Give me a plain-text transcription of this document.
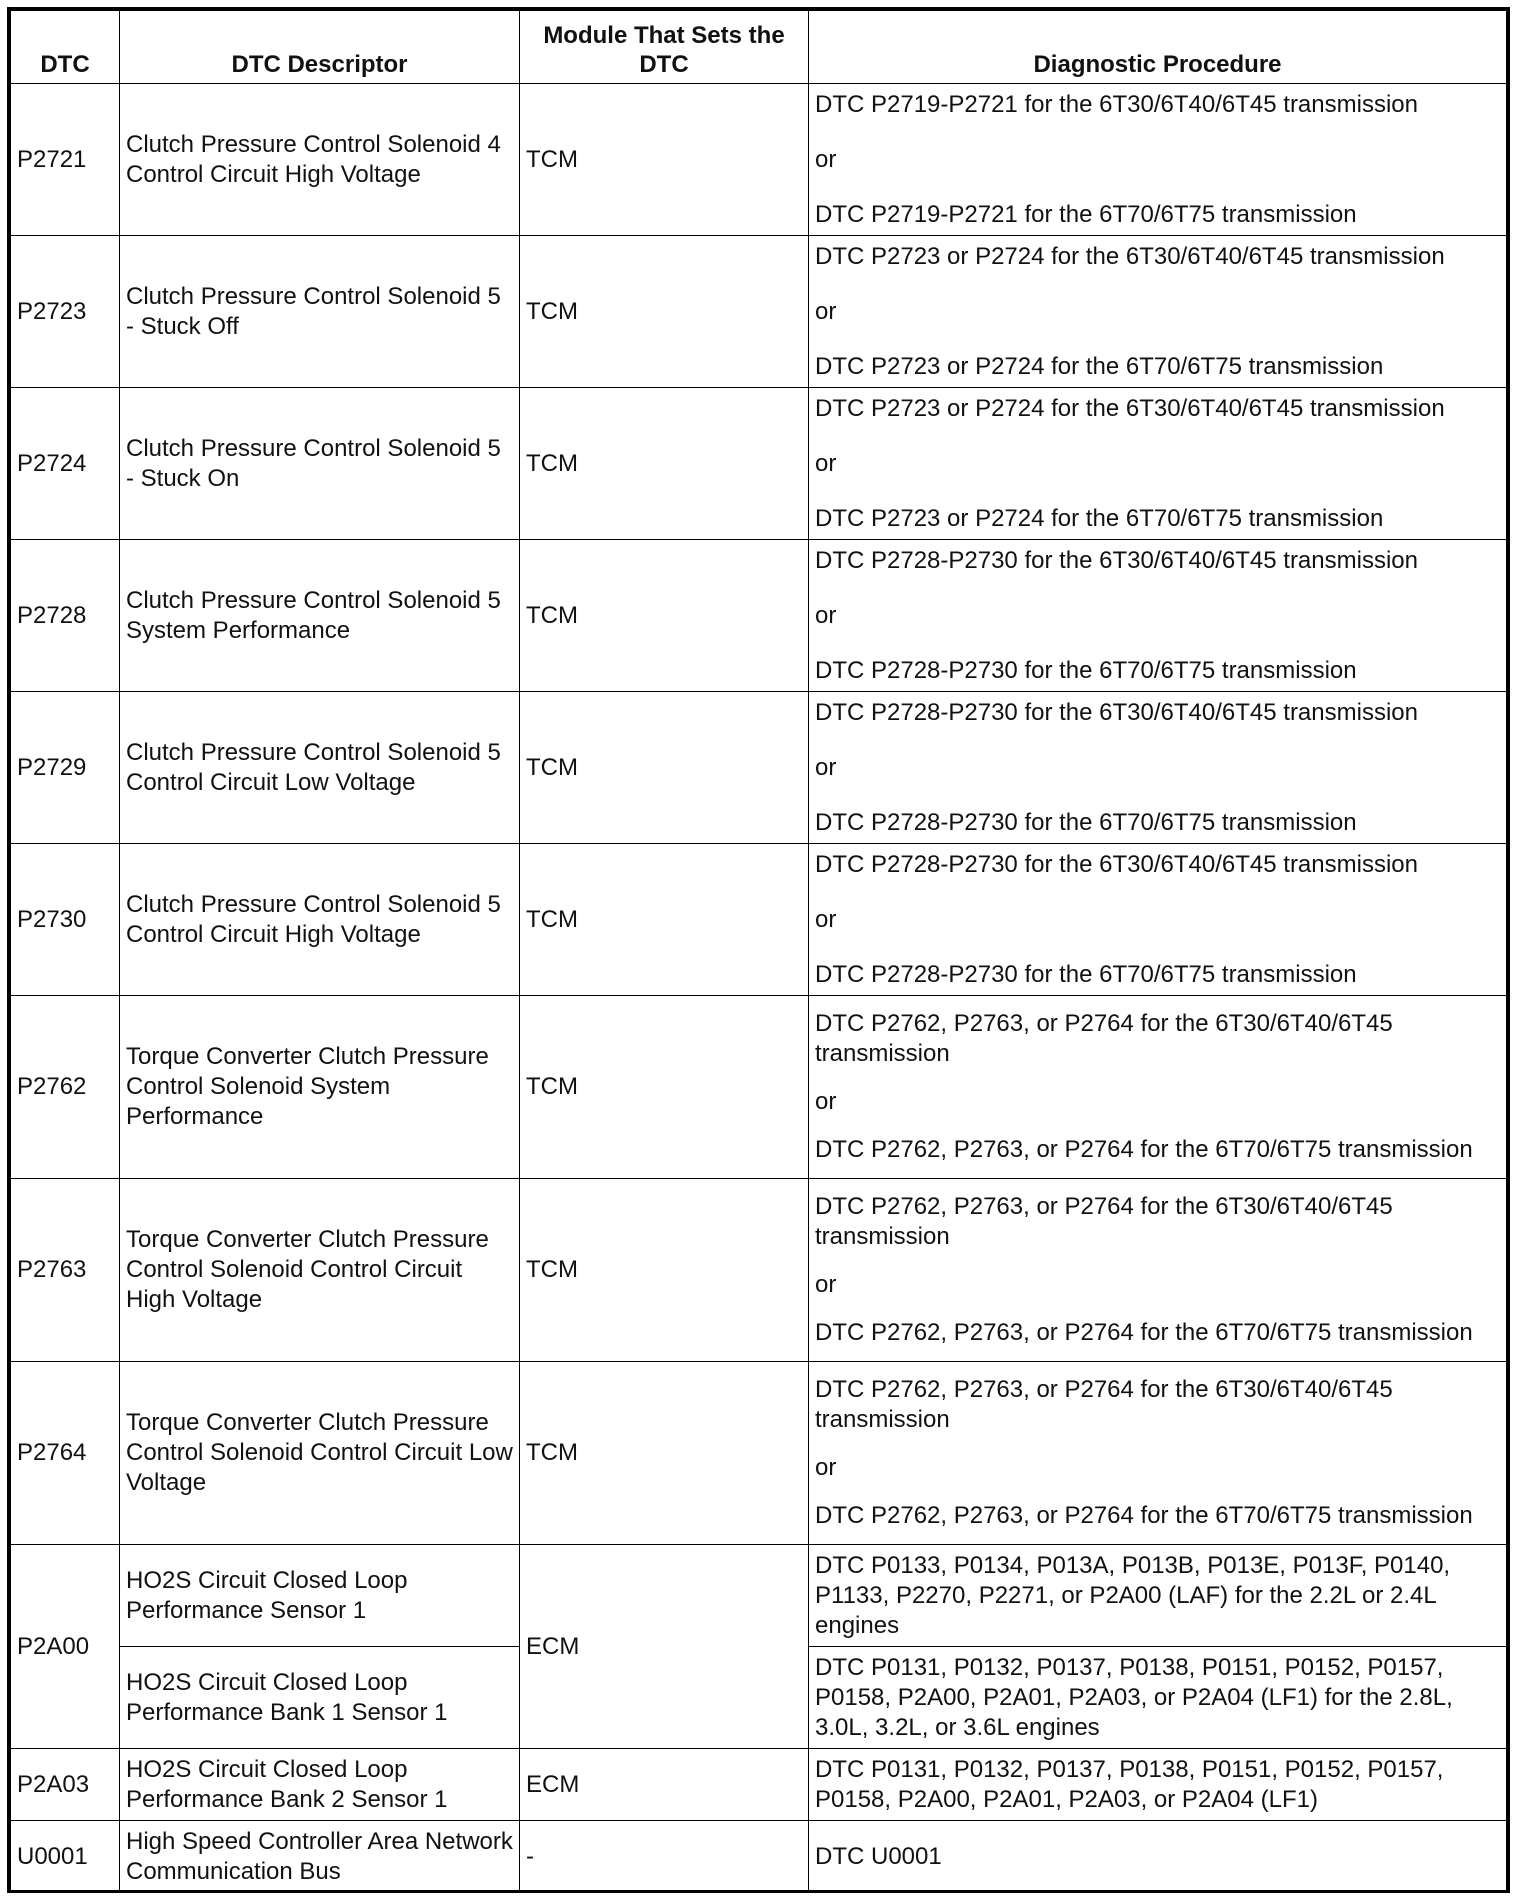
DTC	DTC Descriptor	Module That Sets the DTC	Diagnostic Procedure
P2721	Clutch Pressure Control Solenoid 4 Control Circuit High Voltage	TCM	DTC P2719-P2721 for the 6T30/6T40/6T45 transmission

or

DTC P2719-P2721 for the 6T70/6T75 transmission

P2723	Clutch Pressure Control Solenoid 5 - Stuck Off	TCM	DTC P2723 or P2724 for the 6T30/6T40/6T45 transmission

or

DTC P2723 or P2724 for the 6T70/6T75 transmission

P2724	Clutch Pressure Control Solenoid 5 - Stuck On	TCM	DTC P2723 or P2724 for the 6T30/6T40/6T45 transmission

or

DTC P2723 or P2724 for the 6T70/6T75 transmission

P2728	Clutch Pressure Control Solenoid 5 System Performance	TCM	DTC P2728-P2730 for the 6T30/6T40/6T45 transmission

or

DTC P2728-P2730 for the 6T70/6T75 transmission

P2729	Clutch Pressure Control Solenoid 5 Control Circuit Low Voltage	TCM	DTC P2728-P2730 for the 6T30/6T40/6T45 transmission

or

DTC P2728-P2730 for the 6T70/6T75 transmission

P2730	Clutch Pressure Control Solenoid 5 Control Circuit High Voltage	TCM	DTC P2728-P2730 for the 6T30/6T40/6T45 transmission

or

DTC P2728-P2730 for the 6T70/6T75 transmission

P2762	Torque Converter Clutch Pressure Control Solenoid System Performance	TCM	DTC P2762, P2763, or P2764 for the 6T30/6T40/6T45 transmission

or

DTC P2762, P2763, or P2764 for the 6T70/6T75 transmission

P2763	Torque Converter Clutch Pressure Control Solenoid Control Circuit High Voltage	TCM	DTC P2762, P2763, or P2764 for the 6T30/6T40/6T45 transmission

or

DTC P2762, P2763, or P2764 for the 6T70/6T75 transmission

P2764	Torque Converter Clutch Pressure Control Solenoid Control Circuit Low Voltage	TCM	DTC P2762, P2763, or P2764 for the 6T30/6T40/6T45 transmission

or

DTC P2762, P2763, or P2764 for the 6T70/6T75 transmission

P2A00	HO2S Circuit Closed Loop Performance Sensor 1	ECM	DTC P0133, P0134, P013A, P013B, P013E, P013F, P0140, P1133, P2270, P2271, or P2A00 (LAF) for the 2.2L or 2.4L engines
	HO2S Circuit Closed Loop Performance Bank 1 Sensor 1		DTC P0131, P0132, P0137, P0138, P0151, P0152, P0157, P0158, P2A00, P2A01, P2A03, or P2A04 (LF1) for the 2.8L, 3.0L, 3.2L, or 3.6L engines
P2A03	HO2S Circuit Closed Loop Performance Bank 2 Sensor 1	ECM	DTC P0131, P0132, P0137, P0138, P0151, P0152, P0157, P0158, P2A00, P2A01, P2A03, or P2A04 (LF1)
U0001	High Speed Controller Area Network Communication Bus	-	DTC U0001
